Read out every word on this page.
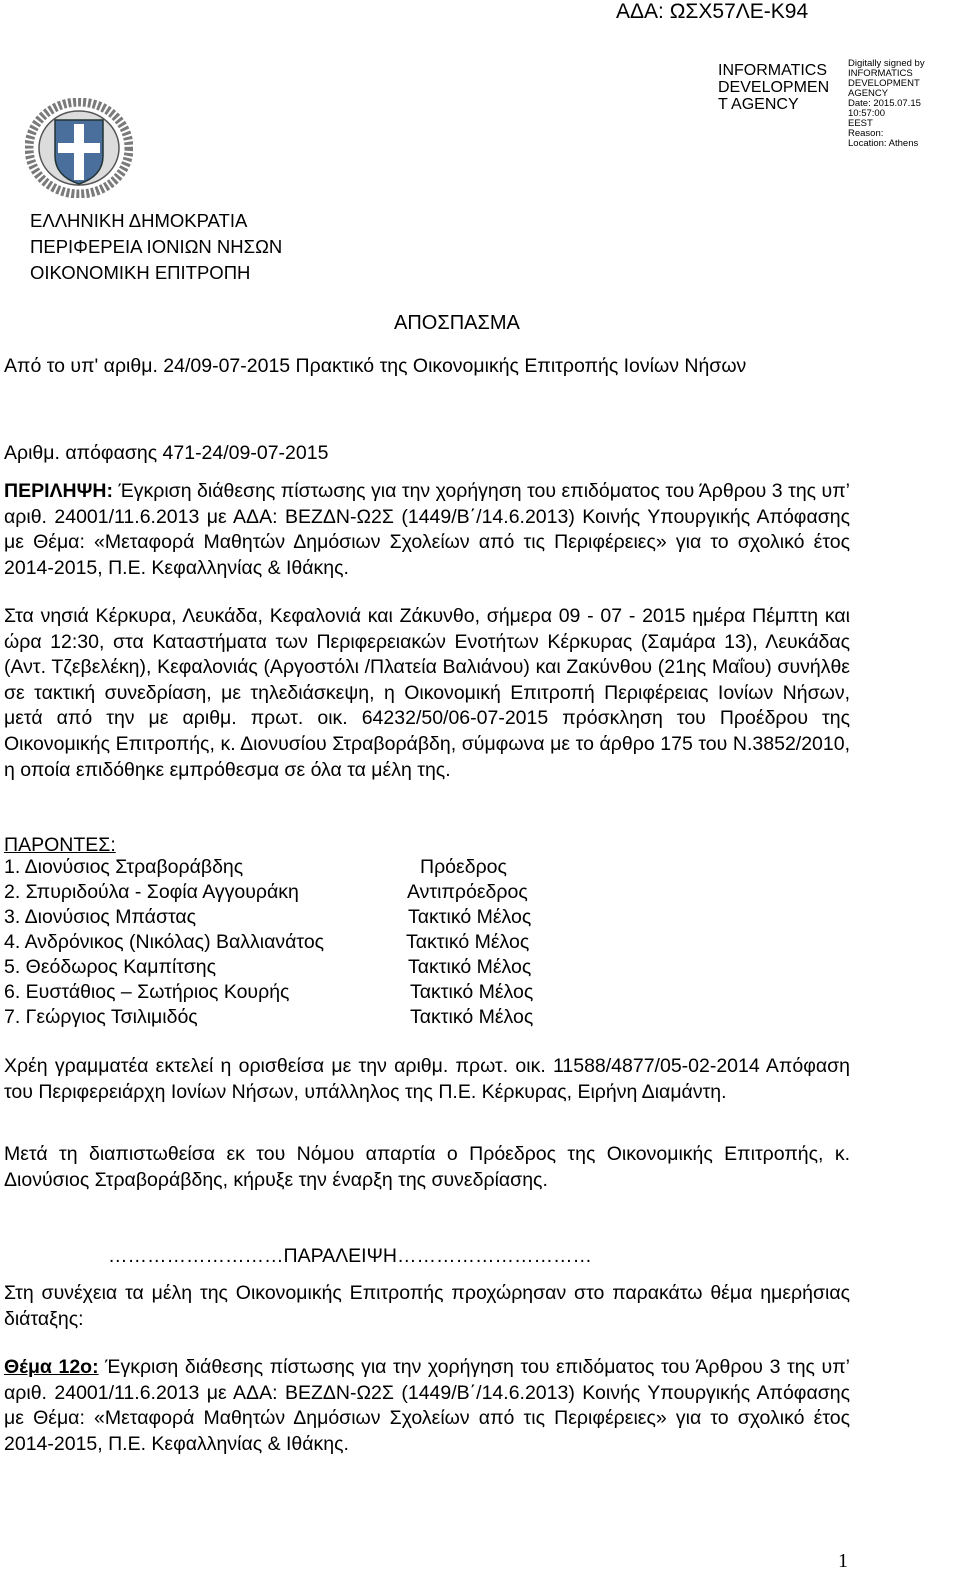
ΑΔΑ: ΩΣΧ57ΛΕ-Κ94
INFORMATICS DEVELOPMEN T AGENCY
Digitally signed by
INFORMATICS
DEVELOPMENT AGENCY
Date: 2015.07.15 10:57:00
EEST
Reason:
Location: Athens
ΕΛΛΗΝΙΚΗ ΔΗΜΟΚΡΑΤΙΑ
ΠΕΡΙΦΕΡΕΙΑ ΙΟΝΙΩΝ ΝΗΣΩΝ
ΟΙΚΟΝΟΜΙΚΗ ΕΠΙΤΡΟΠΗ
ΑΠΟΣΠΑΣΜΑ
Από το υπ' αριθμ. 24/09-07-2015 Πρακτικό της Οικονομικής Επιτροπής Ιονίων Νήσων
Αριθμ. απόφασης 471-24/09-07-2015
ΠΕΡΙΛΗΨΗ: Έγκριση διάθεσης πίστωσης για την χορήγηση του επιδόματος του Άρθρου 3 της υπ’ αριθ. 24001/11.6.2013 με ΑΔΑ: ΒΕΖΔΝ-Ω2Σ (1449/Β΄/14.6.2013) Κοινής Υπουργικής Απόφασης με Θέμα: «Μεταφορά Μαθητών Δημόσιων Σχολείων από τις Περιφέρειες» για το σχολικό έτος 2014-2015, Π.Ε. Κεφαλληνίας & Ιθάκης.
Στα νησιά Κέρκυρα, Λευκάδα, Κεφαλονιά και Ζάκυνθο, σήμερα 09 - 07 - 2015 ημέρα Πέμπτη και ώρα 12:30, στα Καταστήματα των Περιφερειακών Ενοτήτων Κέρκυρας (Σαμάρα 13), Λευκάδας (Αντ. Τζεβελέκη), Κεφαλονιάς (Αργοστόλι /Πλατεία Βαλιάνου) και Ζακύνθου (21ης Μαΐου) συνήλθε σε τακτική συνεδρίαση, με τηλεδιάσκεψη, η Οικονομική Επιτροπή Περιφέρειας Ιονίων Νήσων, μετά από την με αριθμ. πρωτ. οικ. 64232/50/06-07-2015 πρόσκληση του Προέδρου της Οικονομικής Επιτροπής, κ. Διονυσίου Στραβοράβδη, σύμφωνα με το άρθρο 175 του Ν.3852/2010, η οποία επιδόθηκε εμπρόθεσμα σε όλα τα μέλη της.
ΠΑΡΟΝΤΕΣ:
1. Διονύσιος Στραβοράβδης	Πρόεδρος
2. Σπυριδούλα - Σοφία Αγγουράκη	Αντιπρόεδρος
3. Διονύσιος Μπάστας	Τακτικό Μέλος
4. Ανδρόνικος (Νικόλας) Βαλλιανάτος	Τακτικό Μέλος
5. Θεόδωρος Καμπίτσης	Τακτικό Μέλος
6. Ευστάθιος – Σωτήριος Κουρής	Τακτικό Μέλος
7. Γεώργιος Τσιλιμιδός	Τακτικό Μέλος
Χρέη γραμματέα εκτελεί η ορισθείσα με την αριθμ. πρωτ. οικ. 11588/4877/05-02-2014 Απόφαση του Περιφερειάρχη Ιονίων Νήσων, υπάλληλος της Π.Ε. Κέρκυρας, Ειρήνη Διαμάντη.
Μετά τη διαπιστωθείσα εκ του Νόμου απαρτία ο Πρόεδρος της Οικονομικής Επιτροπής, κ. Διονύσιος Στραβοράβδης, κήρυξε την έναρξη της συνεδρίασης.
………………………ΠΑΡΑΛΕΙΨΗ…………………………
Στη συνέχεια τα μέλη της Οικονομικής Επιτροπής προχώρησαν στο παρακάτω θέμα ημερήσιας διάταξης:
Θέμα 12ο: Έγκριση διάθεσης πίστωσης για την χορήγηση του επιδόματος του Άρθρου 3 της υπ’ αριθ. 24001/11.6.2013 με ΑΔΑ: ΒΕΖΔΝ-Ω2Σ (1449/Β΄/14.6.2013) Κοινής Υπουργικής Απόφασης με Θέμα: «Μεταφορά Μαθητών Δημόσιων Σχολείων από τις Περιφέρειες» για το σχολικό έτος 2014-2015, Π.Ε. Κεφαλληνίας & Ιθάκης.
1
